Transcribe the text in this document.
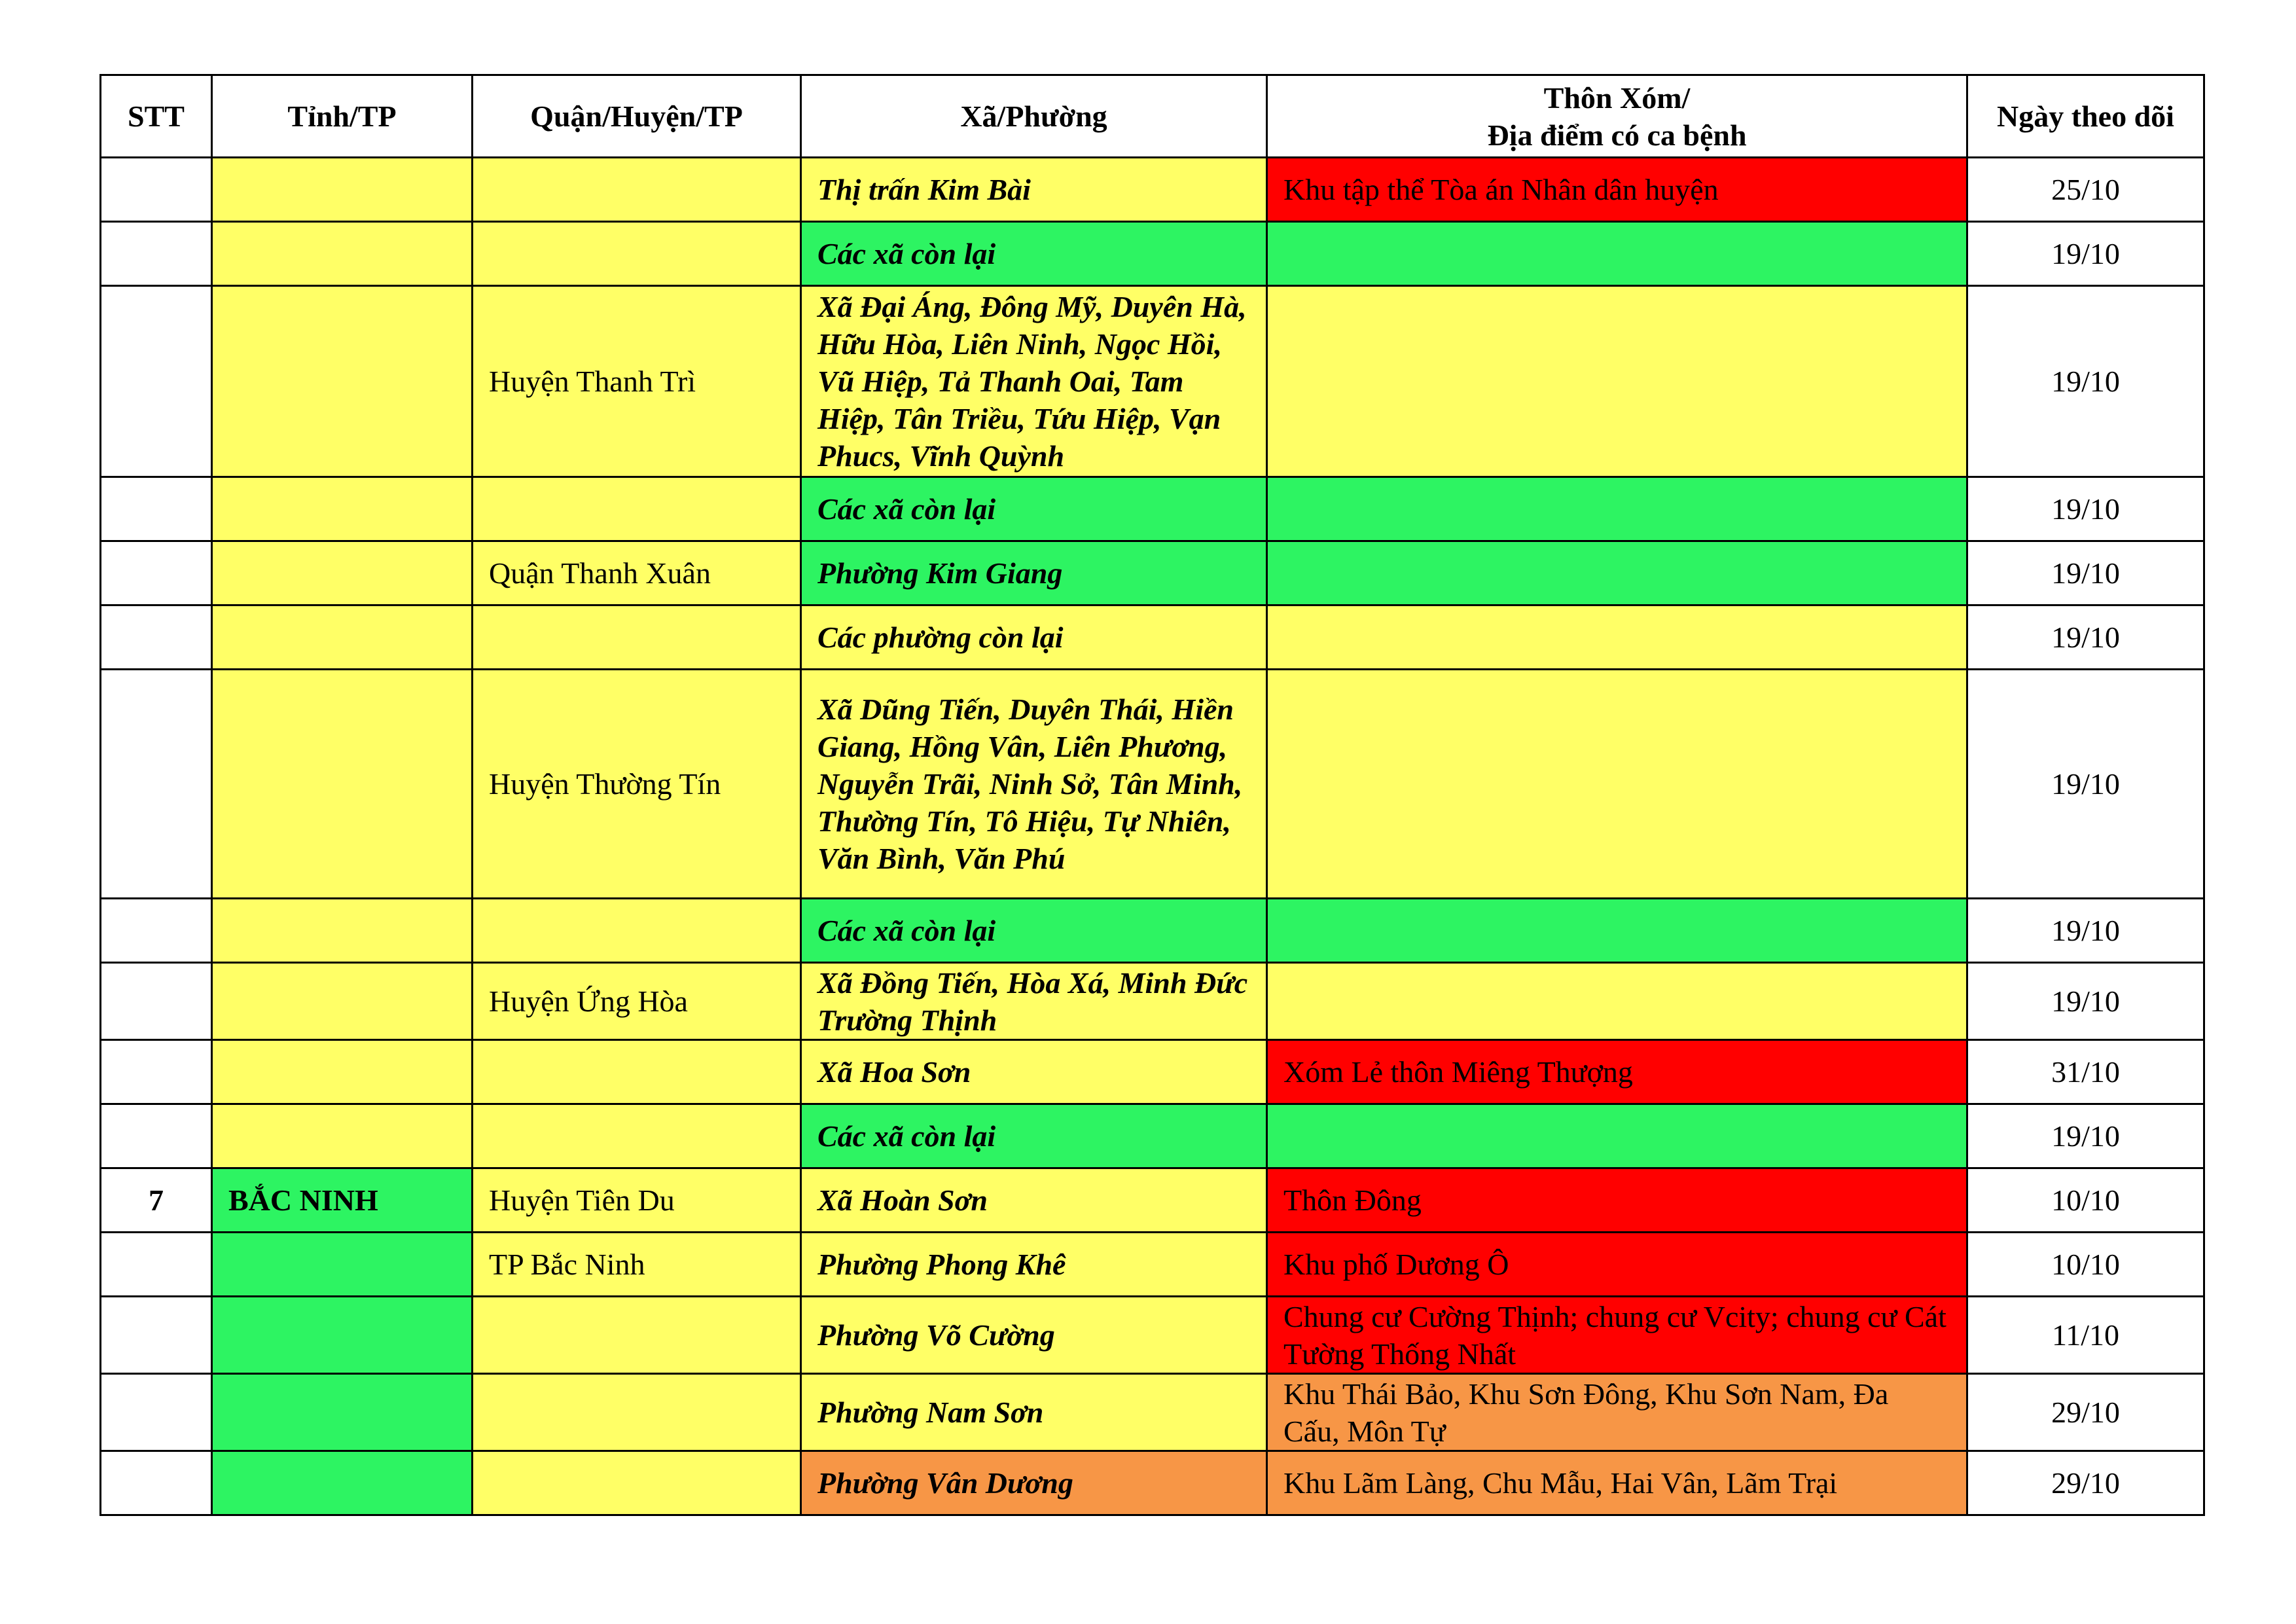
STT	Tỉnh/TP	Quận/Huyện/TP	Xã/Phường	Thôn Xóm/
Địa điểm có ca bệnh	Ngày theo dõi
			Thị trấn Kim Bài	Khu tập thể Tòa án Nhân dân huyện	25/10
			Các xã còn lại		19/10
		Huyện Thanh Trì	Xã Đại Áng, Đông Mỹ, Duyên Hà, Hữu Hòa, Liên Ninh, Ngọc Hồi, Vũ Hiệp, Tả Thanh Oai, Tam Hiệp, Tân Triều, Tứu Hiệp, Vạn Phucs, Vĩnh Quỳnh		19/10
			Các xã còn lại		19/10
		Quận Thanh Xuân	Phường Kim Giang		19/10
			Các phường còn lại		19/10
		Huyện Thường Tín	Xã Dũng Tiến, Duyên Thái, Hiền Giang, Hồng Vân, Liên Phương, Nguyễn Trãi, Ninh Sở, Tân Minh, Thường Tín, Tô Hiệu, Tự Nhiên, Văn Bình, Văn Phú		19/10
			Các xã còn lại		19/10
		Huyện Ứng Hòa	Xã Đồng Tiến, Hòa Xá, Minh Đức Trường Thịnh		19/10
			Xã Hoa Sơn	Xóm Lẻ thôn Miêng Thượng	31/10
			Các xã còn lại		19/10
7	BẮC NINH	Huyện Tiên Du	Xã Hoàn Sơn	Thôn Đông	10/10
		TP Bắc Ninh	Phường Phong Khê	Khu phố Dương Ô	10/10
			Phường Võ Cường	Chung cư Cường Thịnh; chung cư Vcity; chung cư Cát Tường Thống Nhất	11/10
			Phường Nam Sơn	Khu Thái Bảo, Khu Sơn Đông, Khu Sơn Nam, Đa Cấu, Môn Tự	29/10
			Phường Vân Dương	Khu Lãm Làng, Chu Mẫu, Hai Vân, Lãm Trại	29/10
